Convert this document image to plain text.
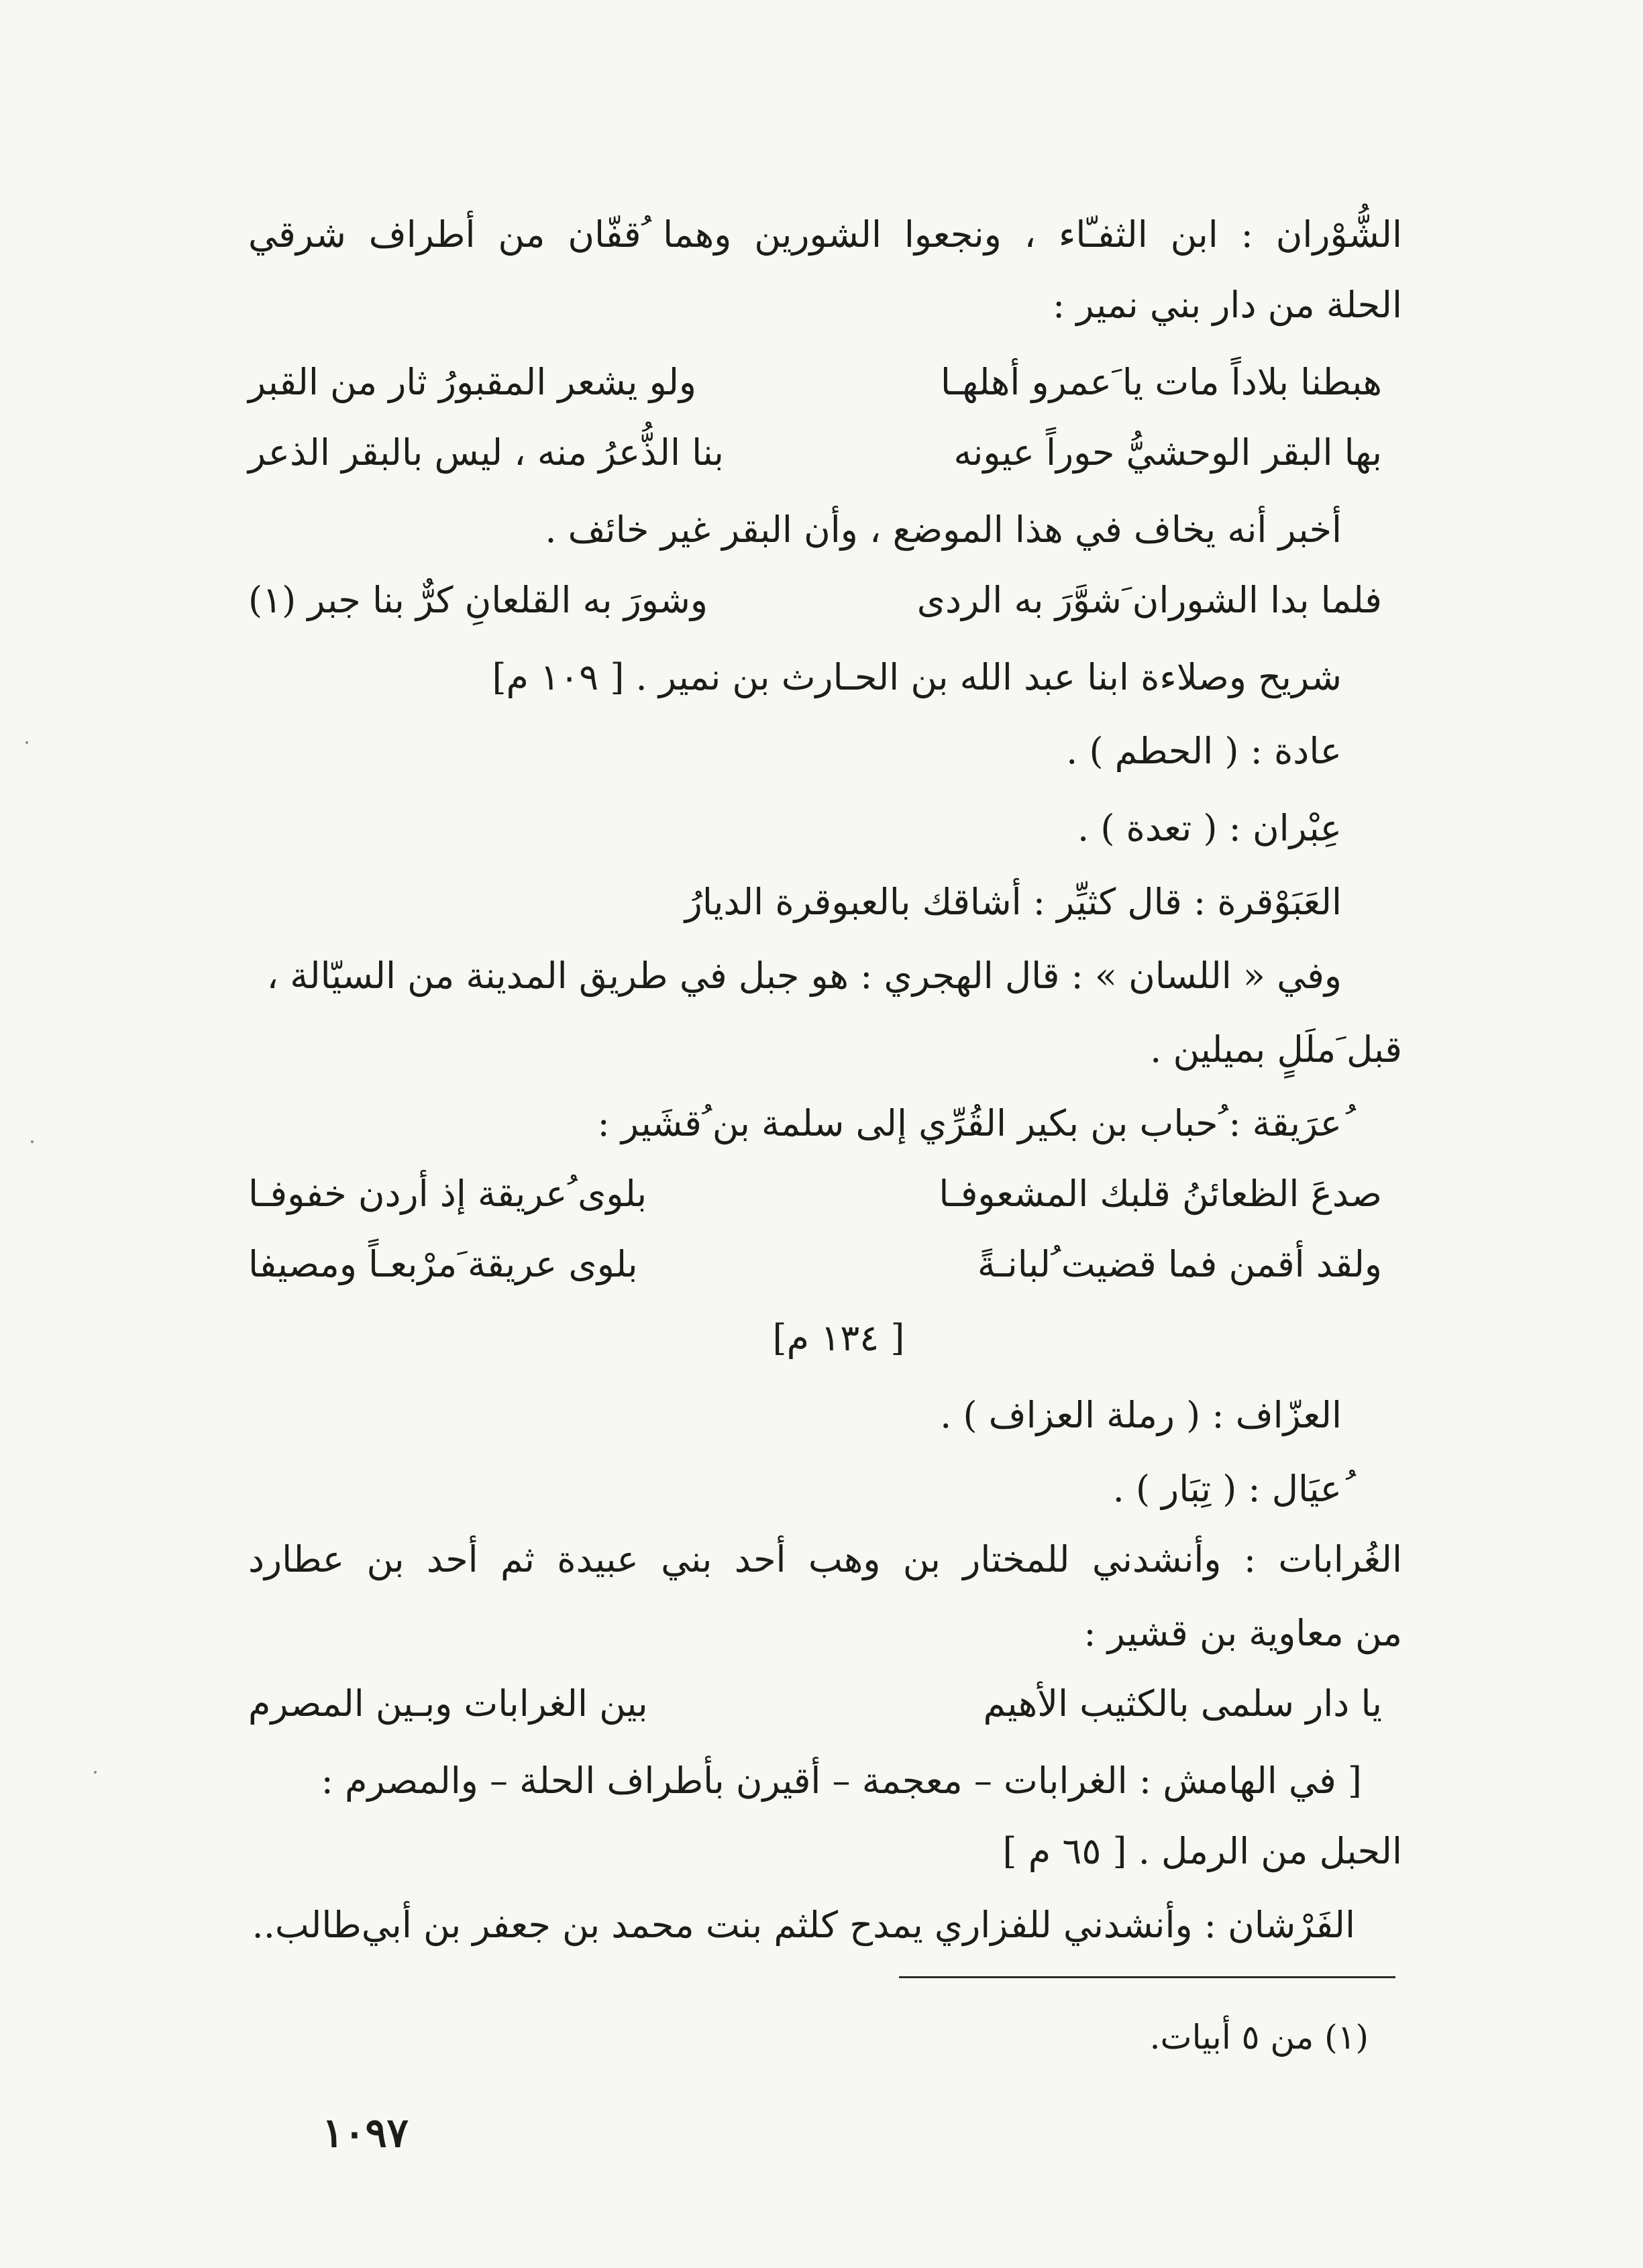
الشُّوْران : ابن الثفـّاء ، ونجعوا الشورين وهما ُقفّان من أطراف شرقي
الحلة من دار بني نمير :
هبطنا بلاداً مات يا َعمرو أهلهـا
ولو يشعر المقبورُ ثار من القبر
بها البقر الوحشيُّ حوراً عيونه
بنا الذُّعرُ منه ، ليس بالبقر الذعر
أخبر أنه يخاف في هذا الموضع ، وأن البقر غير خائف .
فلما بدا الشوران َشوَّرَ به الردى
وشورَ به القلعانِ كرٌّ بنا جبر (١)
شريح وصلاءة ابنا عبد الله بن الحـارث بن نمير . [ ١٠٩ م]
عادة : ( الحطم ) .
عِبْران : ( تعدة ) .
العَبَوْقرة : قال كثيِّر : أشاقك بالعبوقرة الديارُ
وفي « اللسان » : قال الهجري : هو جبل في طريق المدينة من السيّالة ،
قبل َملَلٍ بميلين .
ُعرَيقة : ُحباب بن بكير القُرِّي إلى سلمة بن ُقشَير :
صدعَ الظعائنُ قلبك المشعوفـا
بلوى ُعريقة إذ أردن خفوفـا
ولقد أقمن فما قضيت ُلبانـةً
بلوى عريقة َمرْبعـاً ومصيفا
[ ١٣٤ م]
العزّاف : ( رملة العزاف ) .
ُعيَال : ( تِبَار ) .
الغُرابات : وأنشدني للمختار بن وهب أحد بني عبيدة ثم أحد بن عطارد
من معاوية بن قشير :
يا دار سلمى بالكثيب الأهيم
بين الغرابات وبـين المصرم
[ في الهامش : الغرابات – معجمة – أقيرن بأطراف الحلة – والمصرم :
الحبل من الرمل . [ ٦٥ م ]
الفَرْشان : وأنشدني للفزاري يمدح كلثم بنت محمد بن جعفر بن أبي‌طالب..
(١) من ٥ أبيات.
١٠٩٧
